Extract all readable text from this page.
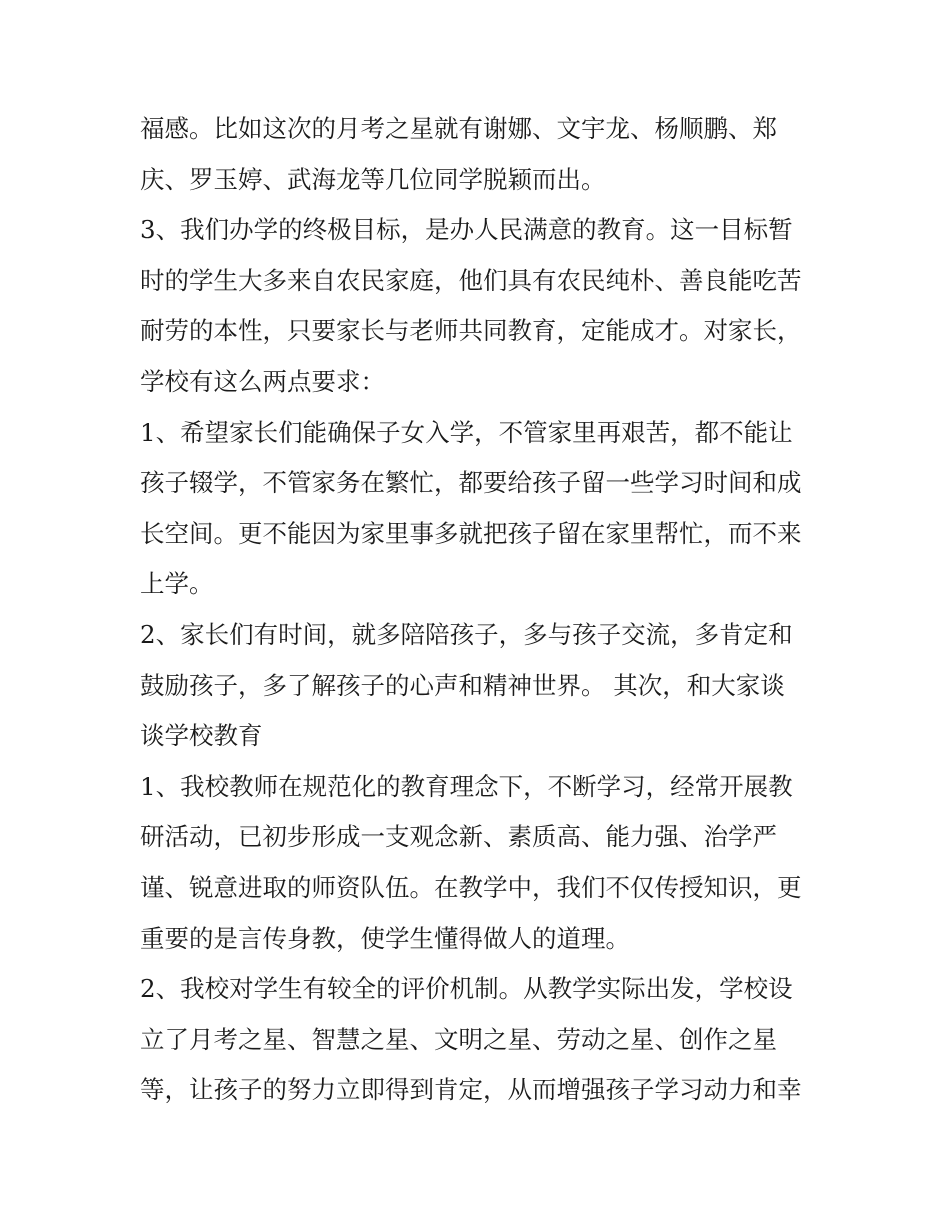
福感。比如这次的月考之星就有谢娜、文宇龙、杨顺鹏、郑
庆、罗玉婷、武海龙等几位同学脱颖而出。
3、我们办学的终极目标，是办人民满意的教育。这一目标暂
时的学生大多来自农民家庭，他们具有农民纯朴、善良能吃苦
耐劳的本性，只要家长与老师共同教育，定能成才。对家长，
学校有这么两点要求：
1、希望家长们能确保子女入学，不管家里再艰苦，都不能让
孩子辍学，不管家务在繁忙，都要给孩子留一些学习时间和成
长空间。更不能因为家里事多就把孩子留在家里帮忙，而不来
上学。
2、家长们有时间，就多陪陪孩子，多与孩子交流，多肯定和
鼓励孩子，多了解孩子的心声和精神世界。 其次，和大家谈
谈学校教育
1、我校教师在规范化的教育理念下，不断学习，经常开展教
研活动，已初步形成一支观念新、素质高、能力强、治学严
谨、锐意进取的师资队伍。在教学中，我们不仅传授知识，更
重要的是言传身教，使学生懂得做人的道理。
2、我校对学生有较全的评价机制。从教学实际出发，学校设
立了月考之星、智慧之星、文明之星、劳动之星、创作之星
等，让孩子的努力立即得到肯定，从而增强孩子学习动力和幸
